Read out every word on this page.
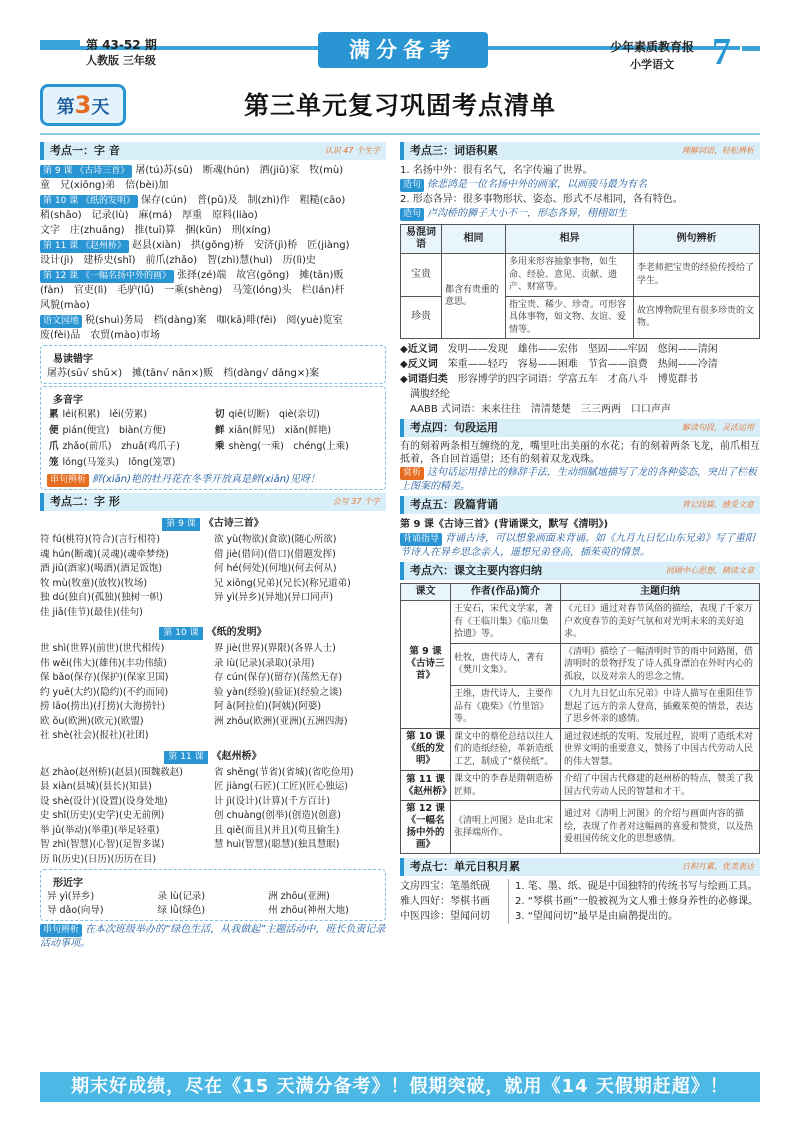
第 43-52 期
人教版 三年级	满分备考	少年素质教育报
小学语文 7
第3天	第三单元复习巩固考点清单
考点一：字 音	认识 47 个生字
第 9 课 《古诗三首》 屠(tú)苏(sū)　断魂(hún)　酒(jiǔ)家　牧(mù)
童　兄(xiōng)弟　倍(bèi)加
第 10 课 《纸的发明》 保存(cún)　普(pǔ)及　制(zhì)作　粗糙(cāo)
稍(shāo)　记录(lù)　麻(má)　厚重　原料(liào)
文字　庄(zhuāng)　推(tuī)算　捆(kǔn)　刑(xíng)
第 11 课 《赵州桥》 赵县(xiàn)　拱(gǒng)桥　安济(jì)桥　匠(jiàng)
设计(jì)　建桥史(shǐ)　前爪(zhǎo)　智(zhì)慧(huì)　历(lì)史
第 12 课 《一幅名扬中外的画》 张择(zé)端　故宫(gōng)　摊(tān)贩
(fàn)　官吏(lì)　毛驴(lǘ)　一乘(shèng)　马笼(lóng)头　栏(lán)杆
风貌(mào)
语文园地 税(shuì)务局　档(dàng)案　咖(kā)啡(fēi)　阅(yuè)览室
废(fèi)品　农贸(mào)市场
易读错字
屠苏(sū√ shū×)　摊(tān√ nān×)贩　档(dàng√ dǎng×)案
多音字
累 léi(积累)　lěi(劳累)	切 qiē(切断)　qiè(亲切)
便 pián(便宜)　biàn(方便)	鲜 xiān(鲜见)　xiǎn(鲜艳)
爪 zhǎo(前爪)　zhuǎ(鸡爪子)	乘 shèng(一乘)　chéng(上乘)
笼 lóng(马笼头)　lǒng(笼罩)
串句辨析 鲜(xiān)艳的牡丹花在冬季开放真是鲜(xiǎn)见呀！
考点二：字 形	会写 37 个字
第 9 课 《古诗三首》
符 fú(桃符)(符合)(言行相符)	欲 yù(物欲)(食欲)(随心所欲)
魂 hún(断魂)(灵魂)(魂牵梦绕)	借 jiè(借问)(借口)(借题发挥)
酒 jiǔ(酒家)(喝酒)(酒足饭饱)	何 hé(何处)(何地)(何去何从)
牧 mù(牧童)(放牧)(牧场)	兄 xiōng(兄弟)(兄长)(称兄道弟)
独 dú(独自)(孤独)(独树一帜)	异 yì(异乡)(异地)(异口同声)
佳 jiā(佳节)(最佳)(佳句)
第 10 课 《纸的发明》
世 shì(世界)(前世)(世代相传)	界 jiè(世界)(界限)(各界人士)
伟 wěi(伟大)(雄伟)(丰功伟绩)	录 lù(记录)(录取)(录用)
保 bǎo(保存)(保护)(保家卫国)	存 cún(保存)(留存)(荡然无存)
约 yuē(大约)(隐约)(不约而同)	验 yàn(经验)(验证)(经验之谈)
捞 lāo(捞出)(打捞)(大海捞针)	阿 ā(阿拉伯)(阿姨)(阿婆)
欧 ōu(欧洲)(欧元)(欧盟)	洲 zhōu(欧洲)(亚洲)(五洲四海)
社 shè(社会)(报社)(社团)
第 11 课 《赵州桥》
赵 zhào(赵州桥)(赵县)(围魏救赵)	省 shěng(节省)(省城)(省吃俭用)
县 xiàn(县城)(县长)(知县)	匠 jiàng(石匠)(工匠)(匠心独运)
设 shè(设计)(设置)(设身处地)	计 jì(设计)(计算)(千方百计)
史 shǐ(历史)(史学)(史无前例)	创 chuàng(创举)(创造)(创意)
举 jǔ(举动)(举重)(举足轻重)	且 qiě(而且)(并且)(苟且偷生)
智 zhì(智慧)(心智)(足智多谋)	慧 huì(智慧)(聪慧)(独具慧眼)
历 lì(历史)(日历)(历历在目)
形近字
异 yì(异乡)	录 lù(记录)	洲 zhōu(亚洲)
导 dǎo(向导)	绿 lǜ(绿色)	州 zhōu(神州大地)
串句辨析 在本次班级举办的“绿色生活，从我做起”主题活动中，班长负责记录活动事项。
考点三：词语积累	理解词语，轻松辨析
1. 名扬中外：很有名气，名字传遍了世界。
造句 徐悲鸿是一位名扬中外的画家，以画骏马最为有名
2. 形态各异：很多事物形状、姿态、形式不尽相同，各有特色。
造句 卢沟桥的狮子大小不一，形态各异，栩栩如生
易混词语	相同	相异	例句辨析
宝贵	都含有贵重的意思。	多用来形容抽象事物，如生命、经验、意见、贡献、遗产、财富等。	李老师把宝贵的经验传授给了学生。
珍贵		指宝贵、稀少、珍奇。可形容具体事物，如文物、友谊、爱情等。	故宫博物院里有很多珍贵的文物。
◆近义词　 发明——发现　雄伟——宏伟　坚固——牢固　悠闲——清闲
◆反义词　 笨重——轻巧　容易——困难　节省——浪费　热闹——冷清
◆词语归类　 形容博学的四字词语：学富五车　才高八斗　博览群书
满腹经纶
AABB 式词语：来来往往　清清楚楚　三三两两　口口声声
考点四：句段运用	解读句段，灵活运用
有的刻着两条相互缠绕的龙，嘴里吐出美丽的水花；有的刻着两条飞龙，前爪相互抵着，各自回首遥望；还有的刻着双龙戏珠。
赏析 这句话运用排比的修辞手法，生动细腻地描写了龙的各种姿态，突出了栏板上图案的精美。
考点五：段篇背诵	背记段篇，感受文意
第 9 课《古诗三首》(背诵课文，默写《清明》)
背诵指导 背诵古诗，可以想象画面来背诵。如《九月九日忆山东兄弟》写了重阳节诗人在异乡思念亲人，遥想兄弟登高，插茱萸的情景。
考点六：课文主要内容归纳	回顾中心思想，精读文章
课文	作者(作品)简介	主题归纳
第 9 课《古诗三首》	王安石，宋代文学家，著有《王临川集》《临川集拾遗》等。	《元日》通过对春节风俗的描绘，表现了千家万户欢度春节的美好气氛和对光明未来的美好追求。
	杜牧，唐代诗人，著有《樊川文集》。	《清明》描绘了一幅清明时节的雨中问路图，借清明时的景物抒发了诗人孤身漂泊在外时内心的孤寂，以及对亲人的思念之情。
	王维，唐代诗人，主要作品有《鹿柴》《竹里馆》等。	《九月九日忆山东兄弟》中诗人描写在重阳佳节想起了远方的亲人登高，插戴茱萸的情景，表达了思乡怀亲的感情。
第 10 课《纸的发明》	课文中的蔡伦总结以往人们的造纸经验，革新造纸工艺，制成了“蔡侯纸”。	通过叙述纸的发明、发展过程，说明了造纸术对世界文明的重要意义，赞扬了中国古代劳动人民的伟大智慧。
第 11 课《赵州桥》	课文中的李春是隋朝造桥匠师。	介绍了中国古代修建的赵州桥的特点，赞美了我国古代劳动人民的智慧和才干。
第 12 课《一幅名扬中外的画》	《清明上河图》是由北宋张择端所作。	通过对《清明上河图》的介绍与画面内容的描绘，表现了作者对这幅画的喜爱和赞赏，以及热爱祖国传统文化的思想感情。
考点七：单元日积月累	日积月累，优美表达
文房四宝：笔墨纸砚
雅人四好：琴棋书画
中医四诊：望闻问切
1. 笔、墨、纸、砚是中国独特的传统书写与绘画工具。
2. “琴棋书画”一般被视为文人雅士修身养性的必修课。
3. “望闻问切”最早是由扁鹊提出的。
期末好成绩，尽在《15 天满分备考》！假期突破，就用《14 天假期赶超》！
